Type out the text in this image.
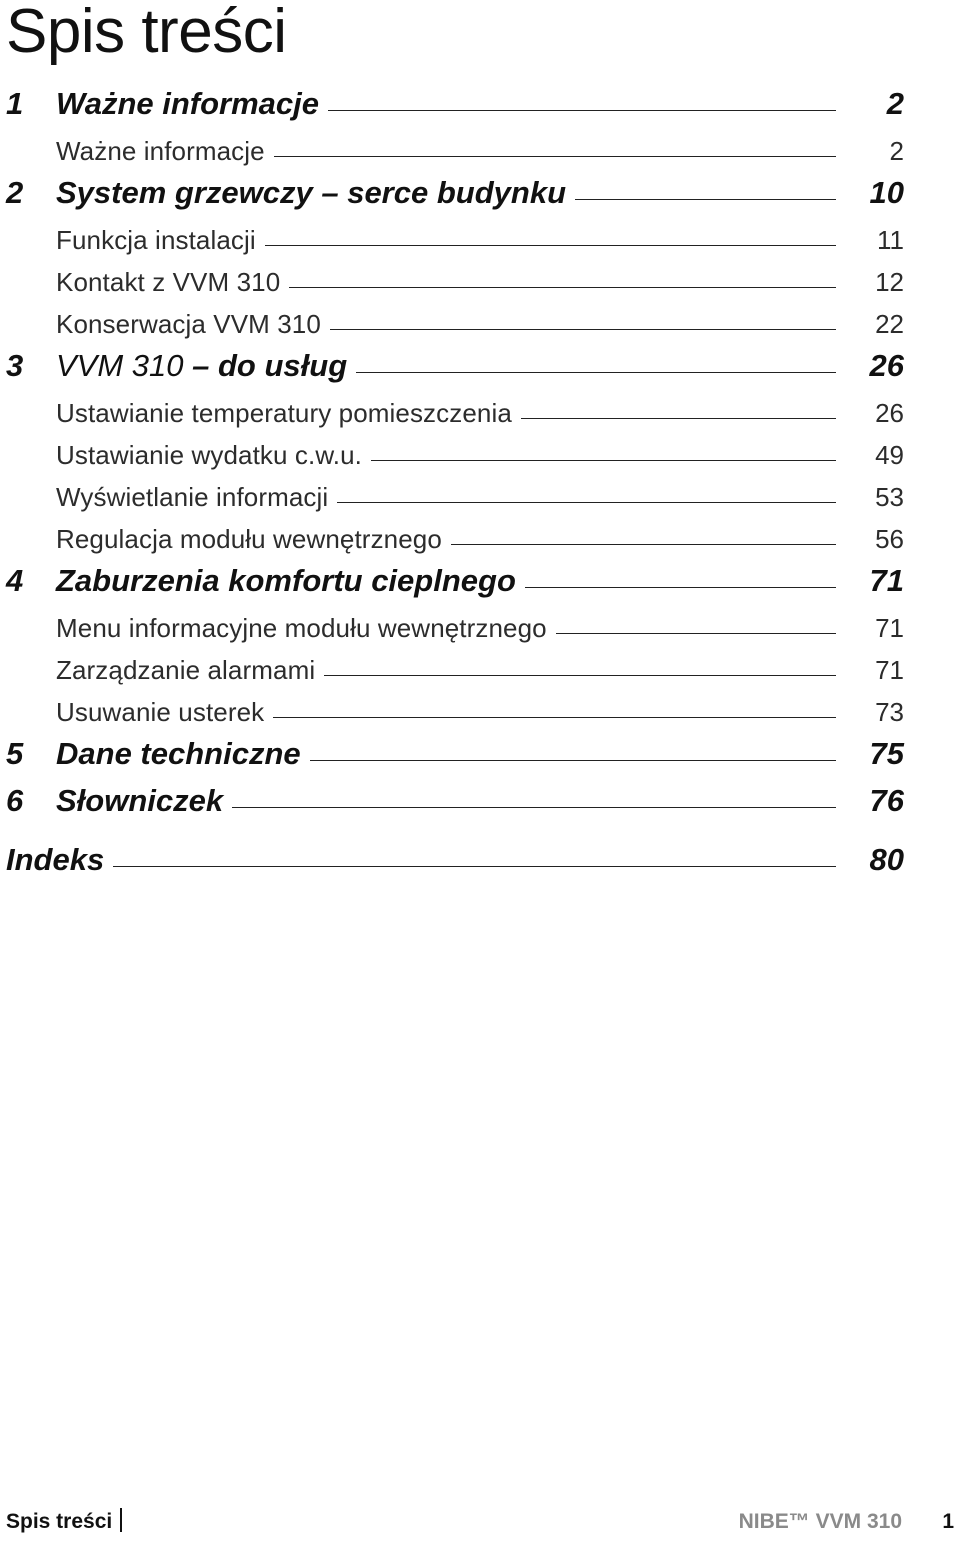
Spis treści
1	Ważne informacje	2
Ważne informacje	2
2	System grzewczy – serce budynku	10
Funkcja instalacji	11
Kontakt z VVM 310	12
Konserwacja VVM 310	22
3	VVM 310 – do usług	26
Ustawianie temperatury pomieszczenia	26
Ustawianie wydatku c.w.u.	49
Wyświetlanie informacji	53
Regulacja modułu wewnętrznego	56
4	Zaburzenia komfortu cieplnego	71
Menu informacyjne modułu wewnętrznego	71
Zarządzanie alarmami	71
Usuwanie usterek	73
5	Dane techniczne	75
6	Słowniczek	76
Indeks	80
Spis treści	NIBE™ VVM 310 1
